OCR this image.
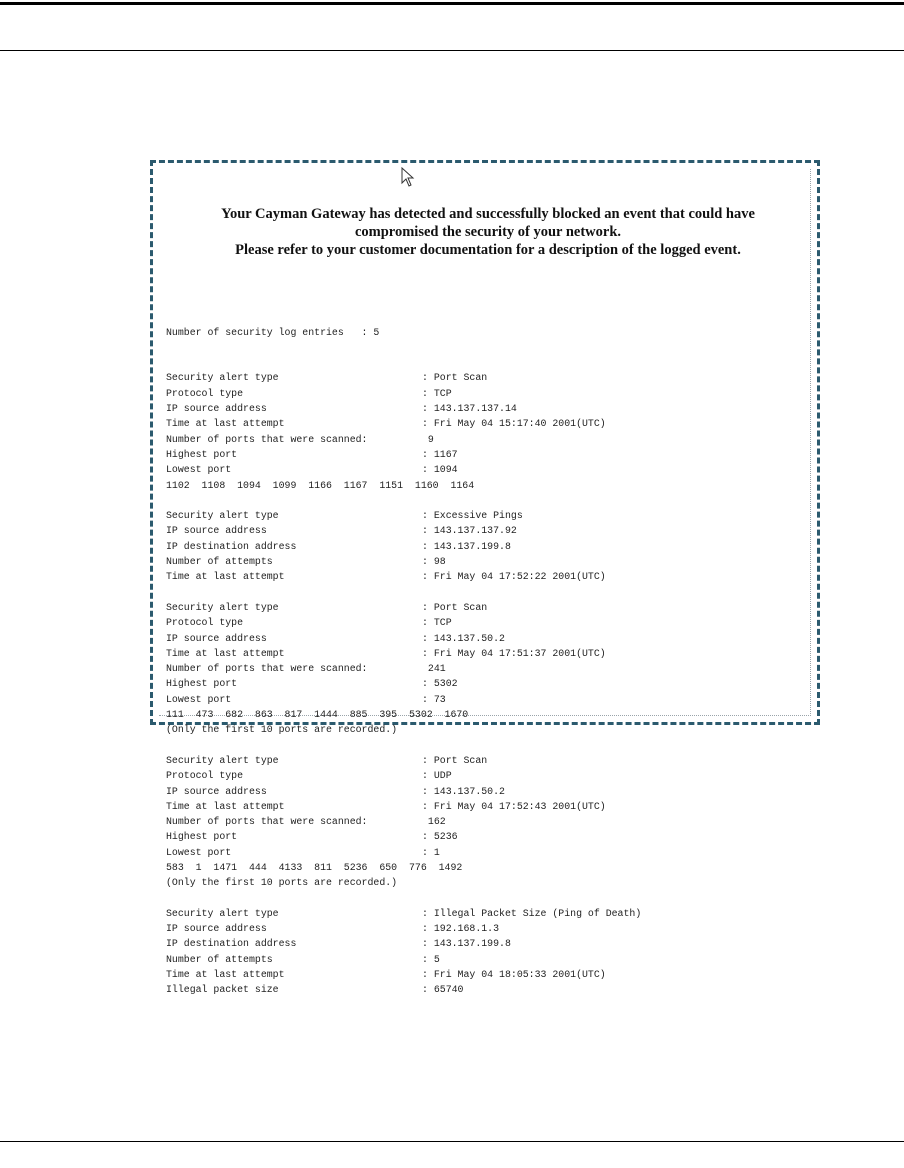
Your Cayman Gateway has detected and successfully blocked an event that could have
compromised the security of your network.
Please refer to your customer documentation for a description of the logged event.

Number of security log entries   : 5

Security alert type	: Port Scan
Protocol type	: TCP
IP source address	: 143.137.137.14
Time at last attempt	: Fri May 04 15:17:40 2001(UTC)
Number of ports that were scanned:	9
Highest port	: 1167
Lowest port	: 1094
1102  1108  1094  1099  1166  1167  1151  1160  1164
Security alert type	: Excessive Pings
IP source address	: 143.137.137.92
IP destination address	: 143.137.199.8
Number of attempts	: 98
Time at last attempt	: Fri May 04 17:52:22 2001(UTC)
Security alert type	: Port Scan
Protocol type	: TCP
IP source address	: 143.137.50.2
Time at last attempt	: Fri May 04 17:51:37 2001(UTC)
Number of ports that were scanned:	241
Highest port	: 5302
Lowest port	: 73
111  473  682  863  817  1444  885  395  5302  1670
(Only the first 10 ports are recorded.)
Security alert type	: Port Scan
Protocol type	: UDP
IP source address	: 143.137.50.2
Time at last attempt	: Fri May 04 17:52:43 2001(UTC)
Number of ports that were scanned:	162
Highest port	: 5236
Lowest port	: 1
583  1  1471  444  4133  811  5236  650  776  1492
(Only the first 10 ports are recorded.)
Security alert type	: Illegal Packet Size (Ping of Death)
IP source address	: 192.168.1.3
IP destination address	: 143.137.199.8
Number of attempts	: 5
Time at last attempt	: Fri May 04 18:05:33 2001(UTC)
Illegal packet size	: 65740
